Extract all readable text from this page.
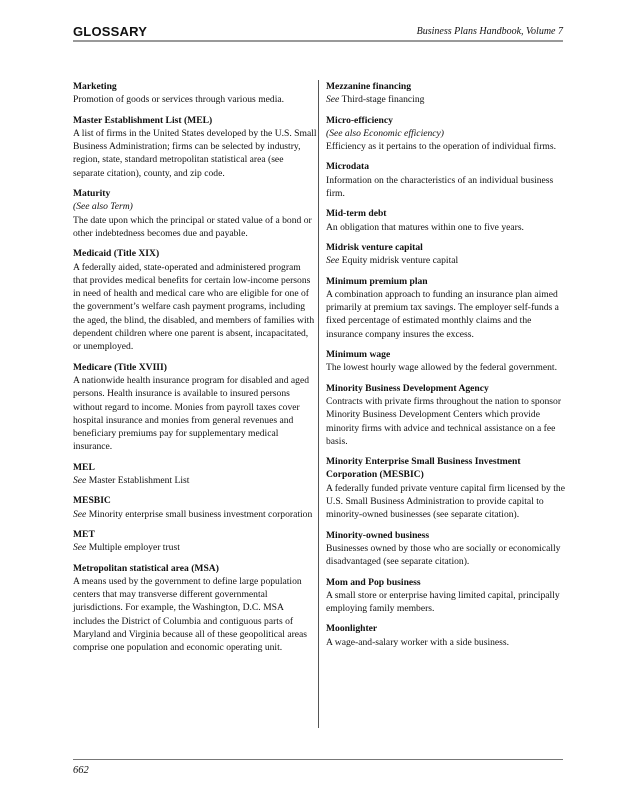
GLOSSARY	Business Plans Handbook, Volume 7
Marketing
Promotion of goods or services through various media.
Master Establishment List (MEL)
A list of firms in the United States developed by the U.S. Small Business Administration; firms can be selected by industry, region, state, standard metropolitan statistical area (see separate citation), county, and zip code.
Maturity
(See also Term)
The date upon which the principal or stated value of a bond or other indebtedness becomes due and payable.
Medicaid (Title XIX)
A federally aided, state-operated and administered program that provides medical benefits for certain low-income persons in need of health and medical care who are eligible for one of the government’s welfare cash payment programs, including the aged, the blind, the disabled, and members of families with dependent children where one parent is absent, incapacitated, or unemployed.
Medicare (Title XVIII)
A nationwide health insurance program for disabled and aged persons. Health insurance is available to insured persons without regard to income. Monies from payroll taxes cover hospital insurance and monies from general revenues and beneficiary premiums pay for supplementary medical insurance.
MEL
See Master Establishment List
MESBIC
See Minority enterprise small business investment corporation
MET
See Multiple employer trust
Metropolitan statistical area (MSA)
A means used by the government to define large population centers that may transverse different governmental jurisdictions. For example, the Washington, D.C. MSA includes the District of Columbia and contiguous parts of Maryland and Virginia because all of these geopolitical areas comprise one population and economic operating unit.
Mezzanine financing
See Third-stage financing
Micro-efficiency
(See also Economic efficiency)
Efficiency as it pertains to the operation of individual firms.
Microdata
Information on the characteristics of an individual business firm.
Mid-term debt
An obligation that matures within one to five years.
Midrisk venture capital
See Equity midrisk venture capital
Minimum premium plan
A combination approach to funding an insurance plan aimed primarily at premium tax savings. The employer self-funds a fixed percentage of estimated monthly claims and the insurance company insures the excess.
Minimum wage
The lowest hourly wage allowed by the federal government.
Minority Business Development Agency
Contracts with private firms throughout the nation to sponsor Minority Business Development Centers which provide minority firms with advice and technical assistance on a fee basis.
Minority Enterprise Small Business Investment Corporation (MESBIC)
A federally funded private venture capital firm licensed by the U.S. Small Business Administration to provide capital to minority-owned businesses (see separate citation).
Minority-owned business
Businesses owned by those who are socially or economically disadvantaged (see separate citation).
Mom and Pop business
A small store or enterprise having limited capital, principally employing family members.
Moonlighter
A wage-and-salary worker with a side business.
662
